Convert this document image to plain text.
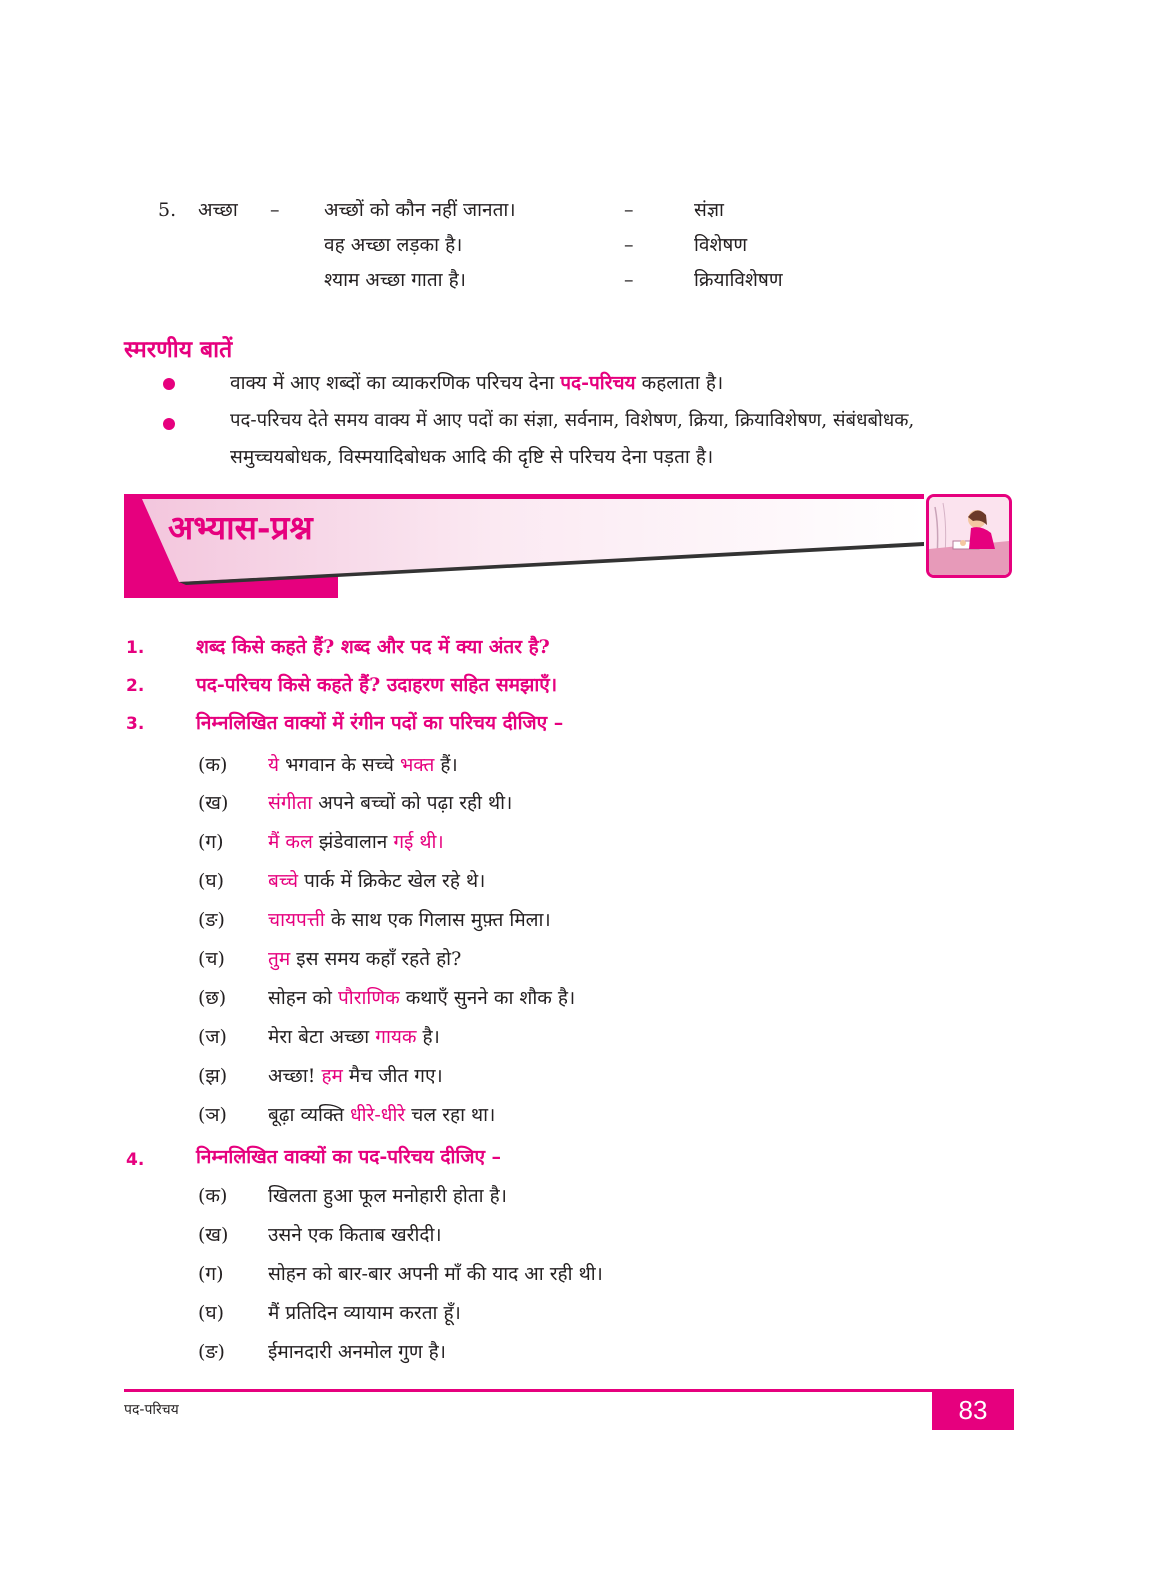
5. अच्छा – अच्छों को कौन नहीं जानता।	–	संज्ञा
वह अच्छा लड़का है।	–	विशेषण
श्याम अच्छा गाता है।	–	क्रियाविशेषण
स्मरणीय बातें
वाक्य में आए शब्दों का व्याकरणिक परिचय देना पद-परिचय कहलाता है।
पद-परिचय देते समय वाक्य में आए पदों का संज्ञा, सर्वनाम, विशेषण, क्रिया, क्रियाविशेषण, संबंधबोधक,
समुच्चयबोधक, विस्मयादिबोधक आदि की दृष्टि से परिचय देना पड़ता है।
अभ्यास-प्रश्न
1.	शब्द किसे कहते हैं? शब्द और पद में क्या अंतर है?
2.	पद-परिचय किसे कहते हैं? उदाहरण सहित समझाएँ।
3.	निम्नलिखित वाक्यों में रंगीन पदों का परिचय दीजिए –
(क) ये भगवान के सच्चे भक्त हैं।
(ख) संगीता अपने बच्चों को पढ़ा रही थी।
(ग) मैं कल झंडेवालान गई थी।
(घ) बच्चे पार्क में क्रिकेट खेल रहे थे।
(ङ) चायपत्ती के साथ एक गिलास मुफ़्त मिला।
(च) तुम इस समय कहाँ रहते हो?
(छ) सोहन को पौराणिक कथाएँ सुनने का शौक है।
(ज) मेरा बेटा अच्छा गायक है।
(झ) अच्छा! हम मैच जीत गए।
(ञ) बूढ़ा व्यक्ति धीरे-धीरे चल रहा था।
4.	निम्नलिखित वाक्यों का पद-परिचय दीजिए –
(क) खिलता हुआ फूल मनोहारी होता है।
(ख) उसने एक किताब खरीदी।
(ग) सोहन को बार-बार अपनी माँ की याद आ रही थी।
(घ) मैं प्रतिदिन व्यायाम करता हूँ।
(ङ) ईमानदारी अनमोल गुण है।
पद-परिचय	83
